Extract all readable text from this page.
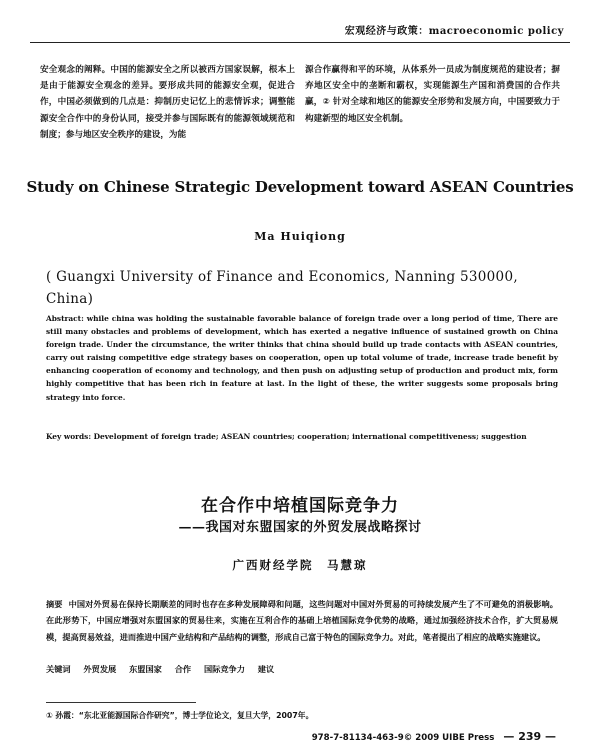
宏观经济与政策：macroeconomic policy
安全观念的阐释。中国的能源安全之所以被西方国家误解，根本上是由于能源安全观念的差异。要形成共同的能源安全观，促进合作，中国必须做到的几点是：抑制历史记忆上的悲情诉求；调整能源安全合作中的身份认同，接受并参与国际既有的能源领域规范和制度；参与地区安全秩序的建设，为能
源合作赢得和平的环境，从体系外一员成为制度规范的建设者；摒弃地区安全中的垄断和霸权，实现能源生产国和消费国的合作共赢，② 针对全球和地区的能源安全形势和发展方向，中国要致力于构建新型的地区安全机制。
Study on Chinese Strategic Development toward ASEAN Countries
Ma Huiqiong
( Guangxi University of Finance and Economics, Nanning 530000, China)
Abstract: while china was holding the sustainable favorable balance of foreign trade over a long period of time, There are still many obstacles and problems of development, which has exerted a negative influence of sustained growth on China foreign trade. Under the circumstance, the writer thinks that china should build up trade contacts with ASEAN countries, carry out raising competitive edge strategy bases on cooperation, open up total volume of trade, increase trade benefit by enhancing cooperation of economy and technology, and then push on adjusting setup of production and product mix, form highly competitive that has been rich in feature at last. In the light of these, the writer suggests some proposals bring strategy into force.
Key words: Development of foreign trade; ASEAN countries; cooperation; international competitiveness; suggestion
在合作中培植国际竞争力
——我国对东盟国家的外贸发展战略探讨
广西财经学院　马慧琼
摘要 中国对外贸易在保持长期顺差的同时也存在多种发展障碍和问题，这些问题对中国对外贸易的可持续发展产生了不可避免的消极影响。在此形势下，中国应增强对东盟国家的贸易往来，实施在互利合作的基础上培植国际竞争优势的战略，通过加强经济技术合作，扩大贸易规模，提高贸易效益，进而推进中国产业结构和产品结构的调整，形成自己富于特色的国际竞争力。对此，笔者提出了相应的战略实施建议。
关键词 外贸发展 东盟国家 合作 国际竞争力 建议
① 孙霞：“东北亚能源国际合作研究”，博士学位论文，复旦大学，2007年。
978-7-81134-463-9© 2009 UIBE Press — 239 —
